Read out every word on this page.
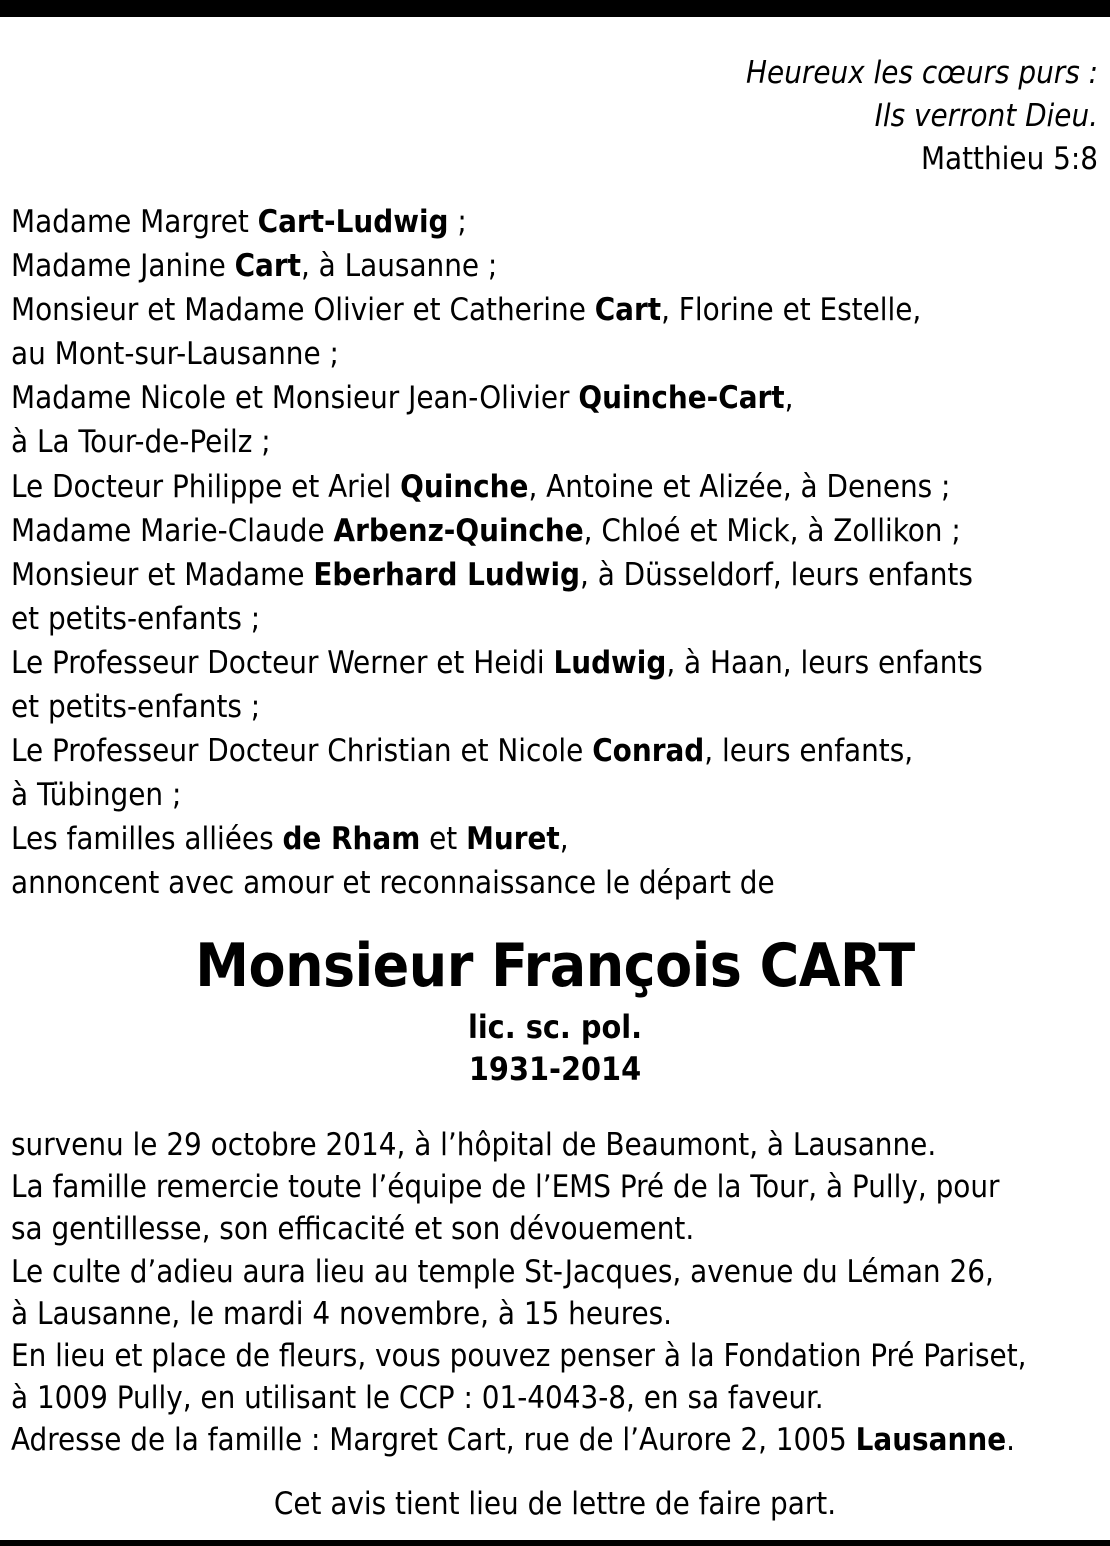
Heureux les cœurs purs :
Ils verront Dieu.
Matthieu 5:8
Madame Margret Cart-Ludwig ;
Madame Janine Cart, à Lausanne ;
Monsieur et Madame Olivier et Catherine Cart, Florine et Estelle,
au Mont-sur-Lausanne ;
Madame Nicole et Monsieur Jean-Olivier Quinche-Cart,
à La Tour-de-Peilz ;
Le Docteur Philippe et Ariel Quinche, Antoine et Alizée, à Denens ;
Madame Marie-Claude Arbenz-Quinche, Chloé et Mick, à Zollikon ;
Monsieur et Madame Eberhard Ludwig, à Düsseldorf, leurs enfants
et petits-enfants ;
Le Professeur Docteur Werner et Heidi Ludwig, à Haan, leurs enfants
et petits-enfants ;
Le Professeur Docteur Christian et Nicole Conrad, leurs enfants,
à Tübingen ;
Les familles alliées de Rham et Muret,
annoncent avec amour et reconnaissance le départ de
Monsieur François CART
lic. sc. pol.
1931-2014
survenu le 29 octobre 2014, à l’hôpital de Beaumont, à Lausanne.
La famille remercie toute l’équipe de l’EMS Pré de la Tour, à Pully, pour
sa gentillesse, son efficacité et son dévouement.
Le culte d’adieu aura lieu au temple St-Jacques, avenue du Léman 26,
à Lausanne, le mardi 4 novembre, à 15 heures.
En lieu et place de fleurs, vous pouvez penser à la Fondation Pré Pariset,
à 1009 Pully, en utilisant le CCP : 01-4043-8, en sa faveur.
Adresse de la famille : Margret Cart, rue de l’Aurore 2, 1005 Lausanne.
Cet avis tient lieu de lettre de faire part.
